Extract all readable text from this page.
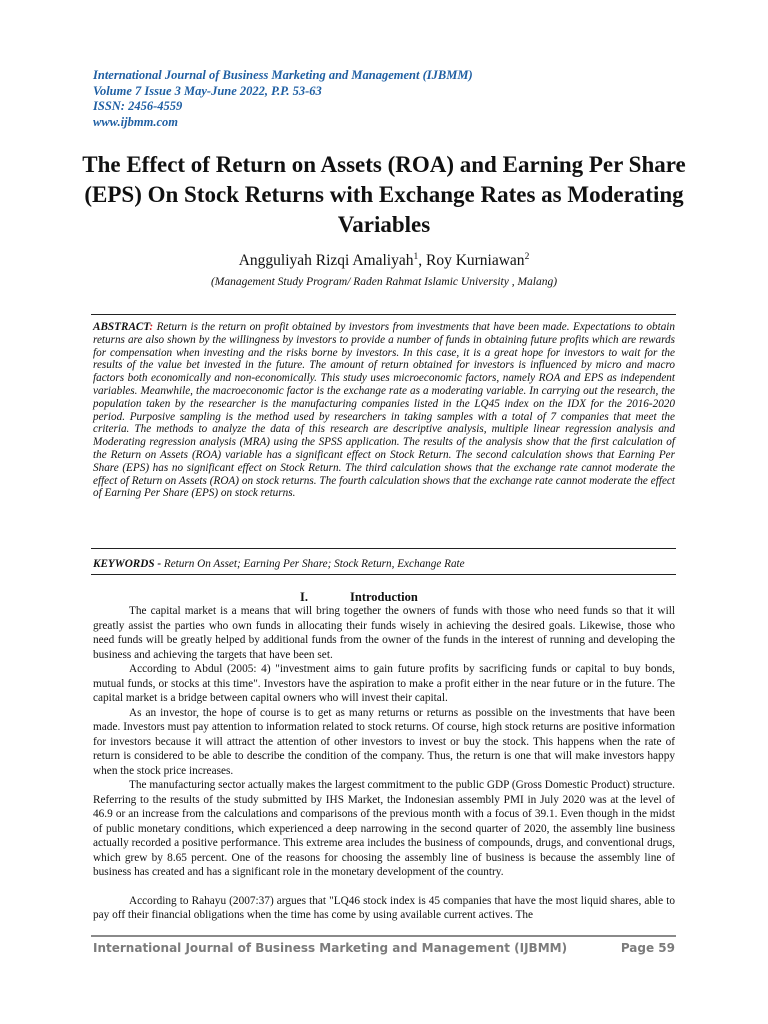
International Journal of Business Marketing and Management (IJBMM)
Volume 7 Issue 3 May-June 2022, P.P. 53-63
ISSN: 2456-4559
www.ijbmm.com
The Effect of Return on Assets (ROA) and Earning Per Share (EPS) On Stock Returns with Exchange Rates as Moderating Variables
Angguliyah Rizqi Amaliyah$^1$, Roy Kurniawan$^2$
(Management Study Program/ Raden Rahmat Islamic University , Malang)
ABSTRACT: Return is the return on profit obtained by investors from investments that have been made. Expectations to obtain returns are also shown by the willingness by investors to provide a number of funds in obtaining future profits which are rewards for compensation when investing and the risks borne by investors. In this case, it is a great hope for investors to wait for the results of the value bet invested in the future. The amount of return obtained for investors is influenced by micro and macro factors both economically and non-economically. This study uses microeconomic factors, namely ROA and EPS as independent variables. Meanwhile, the macroeconomic factor is the exchange rate as a moderating variable. In carrying out the research, the population taken by the researcher is the manufacturing companies listed in the LQ45 index on the IDX for the 2016-2020 period. Purposive sampling is the method used by researchers in taking samples with a total of 7 companies that meet the criteria. The methods to analyze the data of this research are descriptive analysis, multiple linear regression analysis and Moderating regression analysis (MRA) using the SPSS application. The results of the analysis show that the first calculation of the Return on Assets (ROA) variable has a significant effect on Stock Return. The second calculation shows that Earning Per Share (EPS) has no significant effect on Stock Return. The third calculation shows that the exchange rate cannot moderate the effect of Return on Assets (ROA) on stock returns. The fourth calculation shows that the exchange rate cannot moderate the effect of Earning Per Share (EPS) on stock returns.
KEYWORDS - Return On Asset; Earning Per Share; Stock Return, Exchange Rate
I.	Introduction

The capital market is a means that will bring together the owners of funds with those who need funds so that it will greatly assist the parties who own funds in allocating their funds wisely in achieving the desired goals. Likewise, those who need funds will be greatly helped by additional funds from the owner of the funds in the interest of running and developing the business and achieving the targets that have been set.

According to Abdul (2005: 4) "investment aims to gain future profits by sacrificing funds or capital to buy bonds, mutual funds, or stocks at this time". Investors have the aspiration to make a profit either in the near future or in the future. The capital market is a bridge between capital owners who will invest their capital.

As an investor, the hope of course is to get as many returns or returns as possible on the investments that have been made. Investors must pay attention to information related to stock returns. Of course, high stock returns are positive information for investors because it will attract the attention of other investors to invest or buy the stock. This happens when the rate of return is considered to be able to describe the condition of the company. Thus, the return is one that will make investors happy when the stock price increases.

The manufacturing sector actually makes the largest commitment to the public GDP (Gross Domestic Product) structure. Referring to the results of the study submitted by IHS Market, the Indonesian assembly PMI in July 2020 was at the level of 46.9 or an increase from the calculations and comparisons of the previous month with a focus of 39.1. Even though in the midst of public monetary conditions, which experienced a deep narrowing in the second quarter of 2020, the assembly line business actually recorded a positive performance. This extreme area includes the business of compounds, drugs, and conventional drugs, which grew by 8.65 percent. One of the reasons for choosing the assembly line of business is because the assembly line of business has created and has a significant role in the monetary development of the country.

According to Rahayu (2007:37) argues that "LQ46 stock index is 45 companies that have the most liquid shares, able to pay off their financial obligations when the time has come by using available current actives. The

International Journal of Business Marketing and Management (IJBMM)	Page 59
